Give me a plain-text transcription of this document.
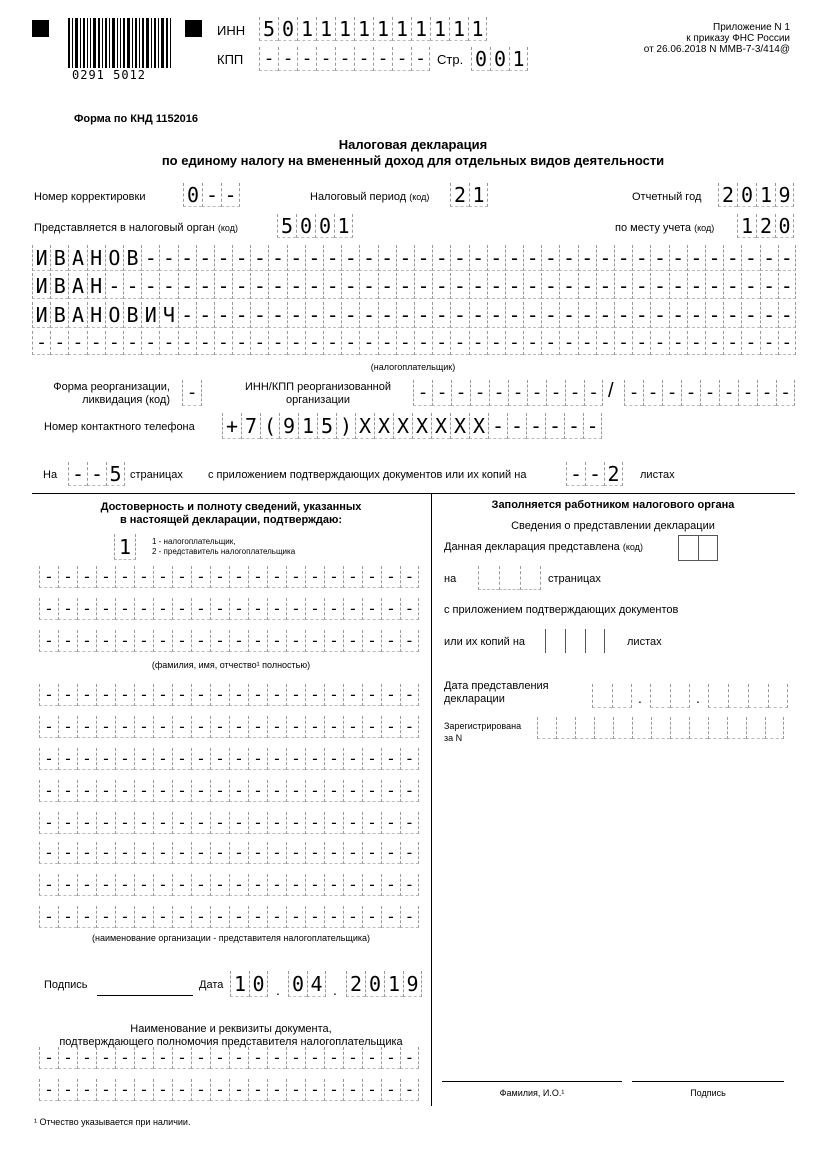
0291 5012
ИНН 5 0 1 1 1 1 1 1 1 1 1 1
КПП - - - - - - - - - Стр. 0 0 1
Приложение N 1
к приказу ФНС России
от 26.06.2018 N ММВ-7-3/414@
Форма по КНД 1152016
Налоговая декларация
по единому налогу на вмененный доход для отдельных видов деятельности
Номер корректировки 0 - -	Налоговый период (код) 2 1	Отчетный год 2 0 1 9
Представляется в налоговый орган (код) 5 0 0 1	по месту учета (код) 1 2 0
И В А Н О В - - - - - - - - - - - - - - - - - - - - - - - - - - - - - - - - - - - -
И В А Н - - - - - - - - - - - - - - - - - - - - - - - - - - - - - - - - - - - - - -
И В А Н О В И Ч - - - - - - - - - - - - - - - - - - - - - - - - - - - - - - - - - -
- - - - - - - - - - - - - - - - - - - - - - - - - - - - - - - - - - - - - - - - - -
(налогоплательщик)
Форма реорганизации,
ликвидация (код) -	ИНН/КПП реорганизованной
организации	- - - - - - - - - - / - - - - - - - - -
Номер контактного телефона + 7 ( 9 1 5 ) X X X X X X X - - - - - -
На - - 5 страницах с приложением подтверждающих документов или их копий на - - 2	листах
Достоверность и полноту сведений, указанных
в настоящей декларации, подтверждаю:
1	1 - налогоплательщик,
2 - представитель налогоплательщика
(фамилия, имя, отчество¹ полностью)
(наименование организации - представителя налогоплательщика)
Подпись	Дата 1 0 . 0 4 . 2 0 1 9
Наименование и реквизиты документа,
подтверждающего полномочия представителя налогоплательщика
Заполняется работником налогового органа
Сведения о представлении декларации
Данная декларация представлена (код)
на	страницах
с приложением подтверждающих документов
или их копий на	листах
Дата представления
декларации	.	.
Зарегистрирована
за N
Фамилия, И.О.¹	Подпись
¹ Отчество указывается при наличии.
- - - - - - - - - - - - - - - - - - - -
- - - - - - - - - - - - - - - - - - - -
- - - - - - - - - - - - - - - - - - - -
- - - - - - - - - - - - - - - - - - - -
- - - - - - - - - - - - - - - - - - - -
- - - - - - - - - - - - - - - - - - - -
- - - - - - - - - - - - - - - - - - - -
- - - - - - - - - - - - - - - - - - - -
- - - - - - - - - - - - - - - - - - - -
- - - - - - - - - - - - - - - - - - - -
- - - - - - - - - - - - - - - - - - - -
- - - - - - - - - - - - - - - - - - - -
- - - - - - - - - - - - - - - - - - - -
